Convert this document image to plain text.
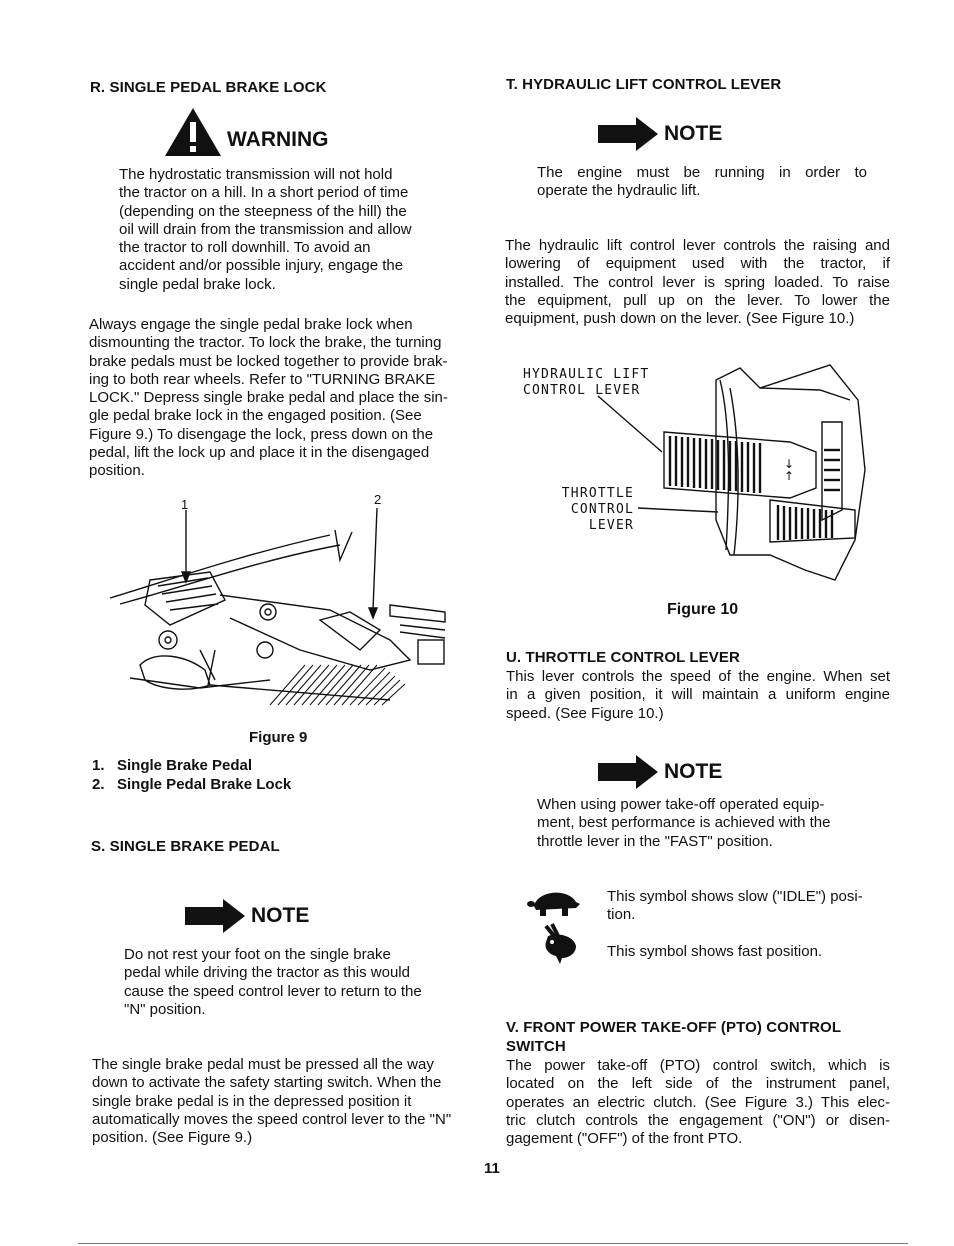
R. SINGLE PEDAL BRAKE LOCK
WARNING
The hydrostatic transmission will not hold
the tractor on a hill. In a short period of time
(depending on the steepness of the hill) the
oil will drain from the transmission and allow
the tractor to roll downhill. To avoid an
accident and/or possible injury, engage the
single pedal brake lock.
Always engage the single pedal brake lock when
dismounting the tractor. To lock the brake, the turning
brake pedals must be locked together to provide brak-
ing to both rear wheels. Refer to "TURNING BRAKE
LOCK." Depress single brake pedal and place the sin-
gle pedal brake lock in the engaged position. (See
Figure 9.) To disengage the lock, press down on the
pedal, lift the lock up and place it in the disengaged
position.
1	2
Figure 9
1.   Single Brake Pedal
2.   Single Pedal Brake Lock
S. SINGLE BRAKE PEDAL
NOTE
Do not rest your foot on the single brake
pedal while driving the tractor as this would
cause the speed control lever to return to the
"N" position.
The single brake pedal must be pressed all the way
down to activate the safety starting switch. When the
single brake pedal is in the depressed position it
automatically moves the speed control lever to the "N"
position. (See Figure 9.)
T. HYDRAULIC LIFT CONTROL LEVER
NOTE
The engine must be running in order to
operate the hydraulic lift.
The hydraulic lift control lever controls the raising and
lowering of equipment used with the tractor, if
installed. The control lever is spring loaded. To raise
the equipment, pull up on the lever. To lower the
equipment, push down on the lever. (See Figure 10.)
HYDRAULIC LIFT
CONTROL LEVER
THROTTLE
CONTROL
LEVER
↓
↑
Figure 10
U. THROTTLE CONTROL LEVER
This lever controls the speed of the engine. When set
in a given position, it will maintain a uniform engine
speed. (See Figure 10.)
NOTE
When using power take-off operated equip-
ment, best performance is achieved with the
throttle lever in the "FAST" position.
This symbol shows slow ("IDLE") posi-
tion.
This symbol shows fast position.
V. FRONT POWER TAKE-OFF (PTO) CONTROL
SWITCH
The power take-off (PTO) control switch, which is
located on the left side of the instrument panel,
operates an electric clutch. (See Figure 3.) This elec-
tric clutch controls the engagement ("ON") or disen-
gagement ("OFF") of the front PTO.
11
